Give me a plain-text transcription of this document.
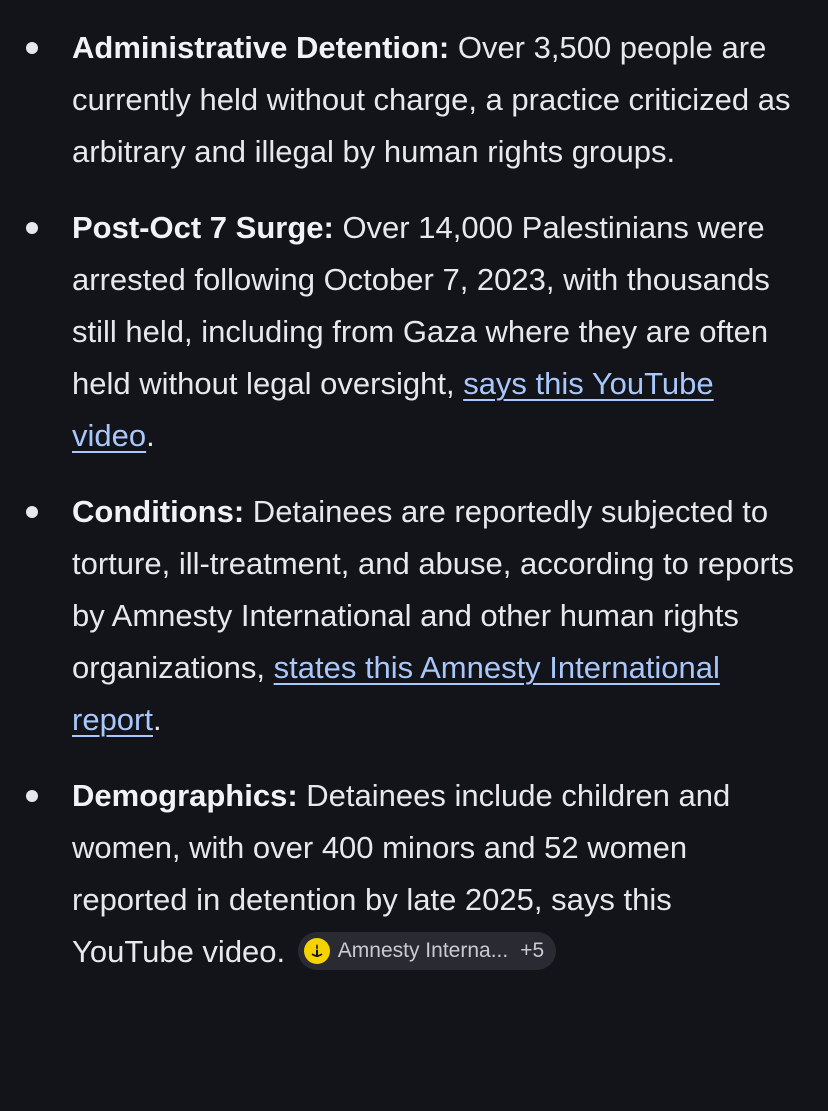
Administrative Detention: Over 3,500 people are currently held without charge, a practice criticized as arbitrary and illegal by human rights groups.
Post-Oct 7 Surge: Over 14,000 Palestinians were arrested following October 7, 2023, with thousands still held, including from Gaza where they are often held without legal oversight, says this YouTube video.
Conditions: Detainees are reportedly subjected to torture, ill-treatment, and abuse, according to reports by Amnesty International and other human rights organizations, states this Amnesty International report.
Demographics: Detainees include children and women, with over 400 minors and 52 women reported in detention by late 2025, says this YouTube video.	Amnesty Interna... +5
